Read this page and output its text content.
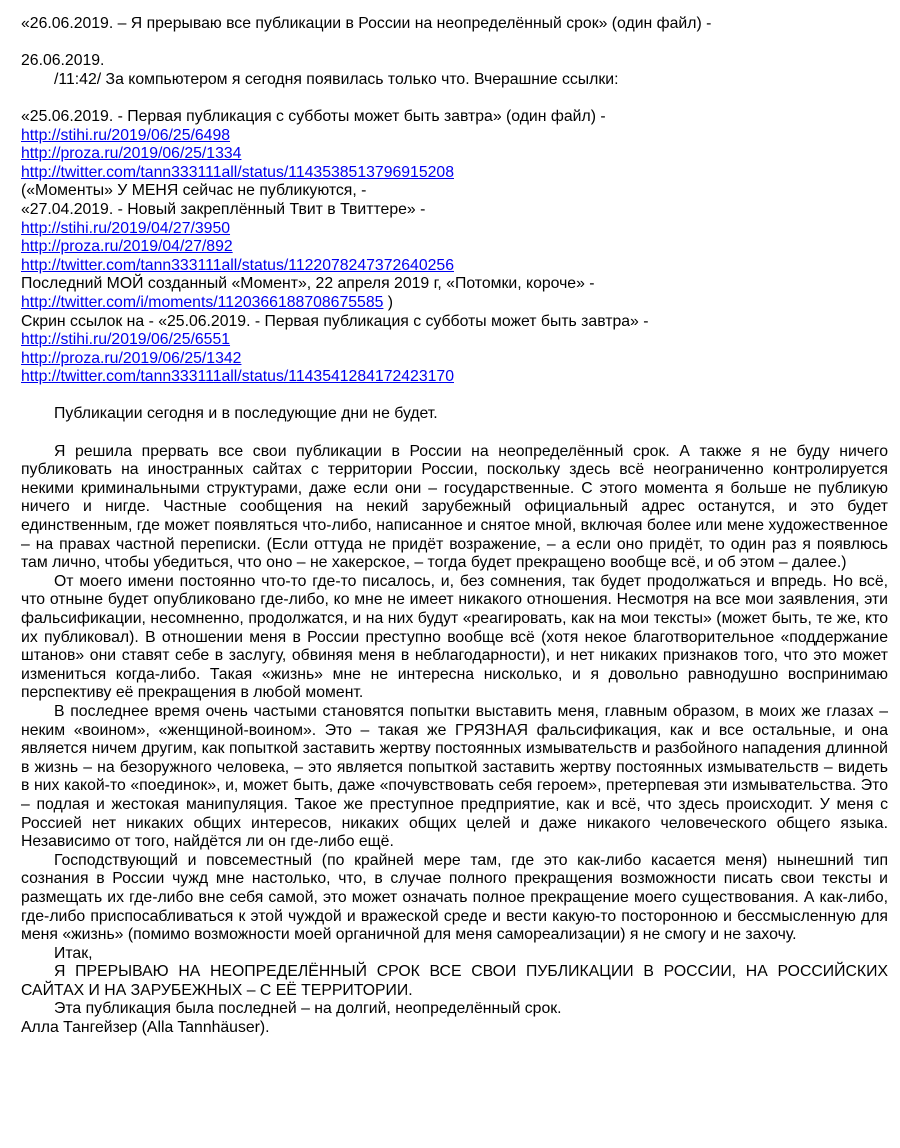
«26.06.2019. – Я прерываю все публикации в России на неопределённый срок» (один файл) -
26.06.2019.
/11:42/ За компьютером я сегодня появилась только что. Вчерашние ссылки:
«25.06.2019. - Первая публикация с субботы может быть завтра» (один файл) -
http://stihi.ru/2019/06/25/6498
http://proza.ru/2019/06/25/1334
http://twitter.com/tann333111all/status/1143538513796915208
(«Моменты» У МЕНЯ сейчас не публикуются, -
«27.04.2019. - Новый закреплённый Твит в Твиттере» -
http://stihi.ru/2019/04/27/3950
http://proza.ru/2019/04/27/892
http://twitter.com/tann333111all/status/1122078247372640256
Последний МОЙ созданный «Момент», 22 апреля 2019 г, «Потомки, короче» -
http://twitter.com/i/moments/1120366188708675585 )
Скрин ссылок на - «25.06.2019. - Первая публикация с субботы может быть завтра» -
http://stihi.ru/2019/06/25/6551
http://proza.ru/2019/06/25/1342
http://twitter.com/tann333111all/status/1143541284172423170
Публикации сегодня и в последующие дни не будет.

Я решила прервать все свои публикации в России на неопределённый срок. А также я не буду ничего публиковать на иностранных сайтах с территории России, поскольку здесь всё неограниченно контролируется некими криминальными структурами, даже если они – государственные. С этого момента я больше не публикую ничего и нигде. Частные сообщения на некий зарубежный официальный адрес останутся, и это будет единственным, где может появляться что-либо, написанное и снятое мной, включая более или мене художественное – на правах частной переписки. (Если оттуда не придёт возражение, – а если оно придёт, то один раз я появлюсь там лично, чтобы убедиться, что оно – не хакерское, – тогда будет прекращено вообще всё, и об этом – далее.)

От моего имени постоянно что-то где-то писалось, и, без сомнения, так будет продолжаться и впредь. Но всё, что отныне будет опубликовано где-либо, ко мне не имеет никакого отношения. Несмотря на все мои заявления, эти фальсификации, несомненно, продолжатся, и на них будут «реагировать, как на мои тексты» (может быть, те же, кто их публиковал). В отношении меня в России преступно вообще всё (хотя некое благотворительное «поддержание штанов» они ставят себе в заслугу, обвиняя меня в неблагодарности), и нет никаких признаков того, что это может измениться когда-либо. Такая «жизнь» мне не интересна нисколько, и я довольно равнодушно воспринимаю перспективу её прекращения в любой момент.

В последнее время очень частыми становятся попытки выставить меня, главным образом, в моих же глазах – неким «воином», «женщиной-воином». Это – такая же ГРЯЗНАЯ фальсификация, как и все остальные, и она является ничем другим, как попыткой заставить жертву постоянных измывательств и разбойного нападения длинной в жизнь – на безоружного человека, – это является попыткой заставить жертву постоянных измывательств – видеть в них какой-то «поединок», и, может быть, даже «почувствовать себя героем», претерпевая эти измывательства. Это – подлая и жестокая манипуляция. Такое же преступное предприятие, как и всё, что здесь происходит. У меня с Россией нет никаких общих интересов, никаких общих целей и даже никакого человеческого общего языка. Независимо от того, найдётся ли он где-либо ещё.

Господствующий и повсеместный (по крайней мере там, где это как-либо касается меня) нынешний тип сознания в России чужд мне настолько, что, в случае полного прекращения возможности писать свои тексты и размещать их где-либо вне себя самой, это может означать полное прекращение моего существования. А как-либо, где-либо приспосабливаться к этой чуждой и вражеской среде и вести какую-то посторонною и бессмысленную для меня «жизнь» (помимо возможности моей органичной для меня самореализации) я не смогу и не захочу.

Итак,

Я ПРЕРЫВАЮ НА НЕОПРЕДЕЛЁННЫЙ СРОК ВСЕ СВОИ ПУБЛИКАЦИИ В РОССИИ, НА РОССИЙСКИХ САЙТАХ И НА ЗАРУБЕЖНЫХ – С ЕЁ ТЕРРИТОРИИ.

Эта публикация была последней – на долгий, неопределённый срок.
Алла Тангейзер (Alla Tannhäuser).
